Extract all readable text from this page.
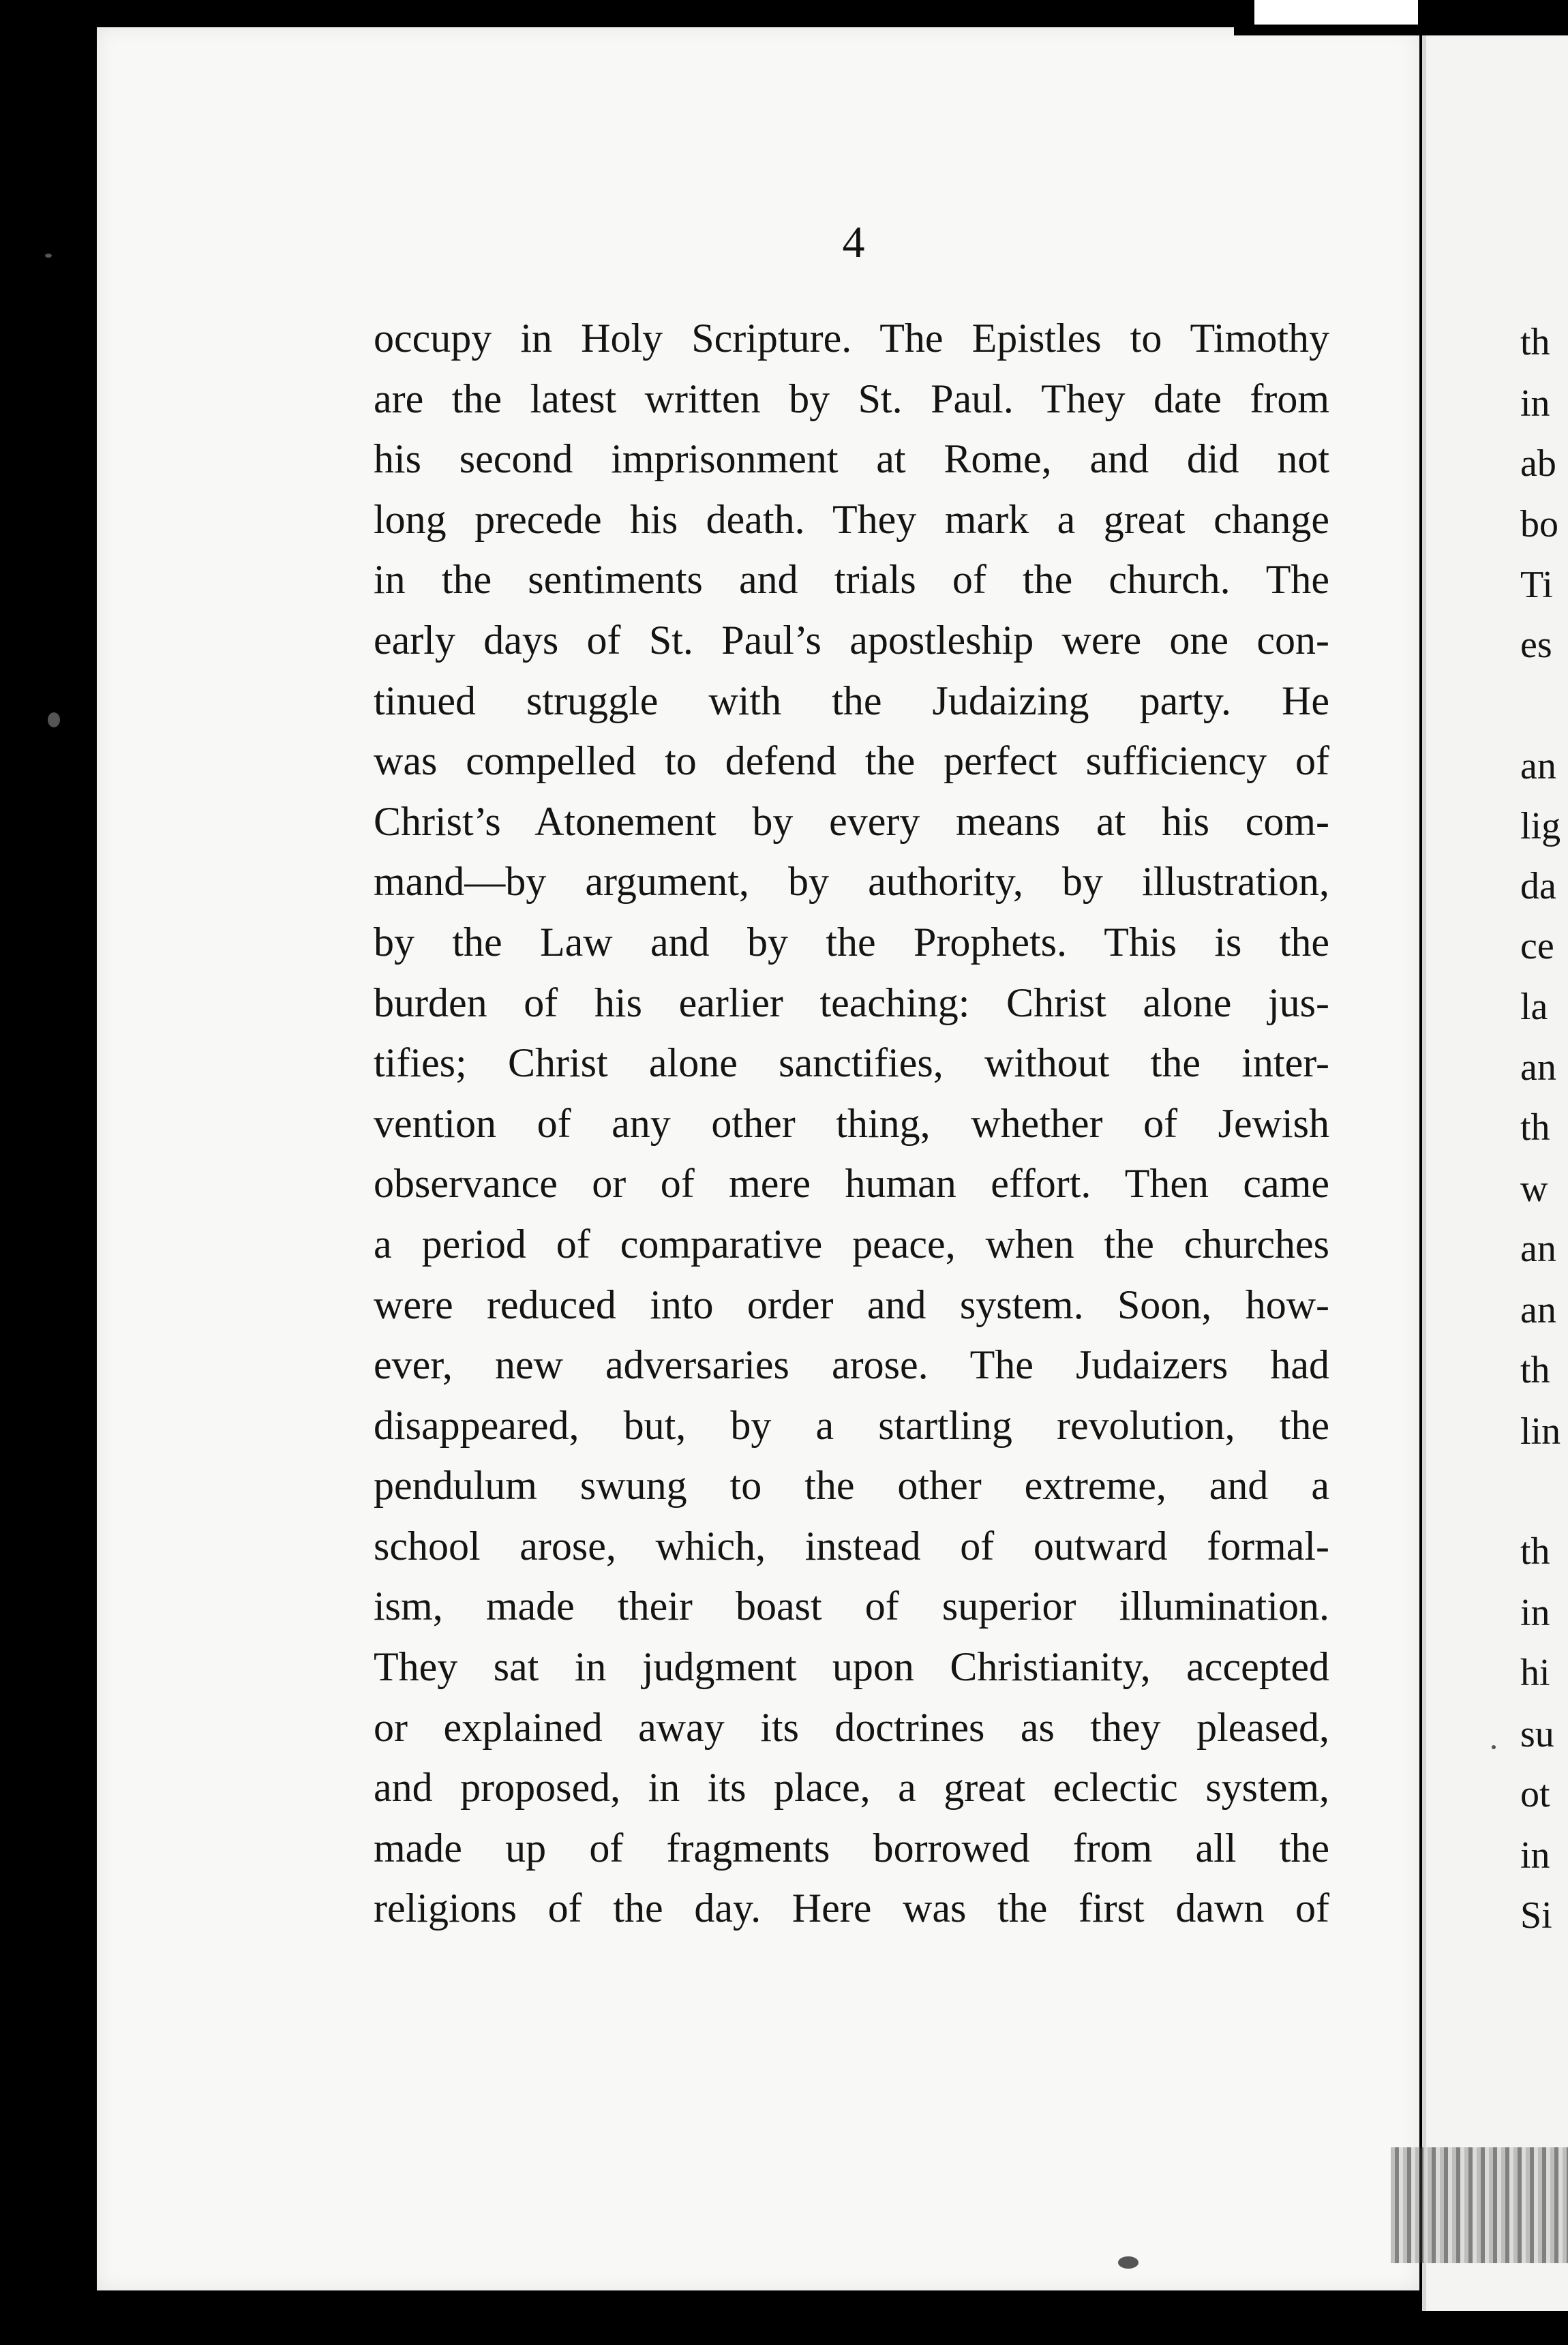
4
occupy in Holy Scripture. The Epistles to Timothy
are the latest written by St. Paul. They date from
his second imprisonment at Rome, and did not
long precede his death. They mark a great change
in the sentiments and trials of the church. The
early days of St. Paul’s apostleship were one con-
tinued struggle with the Judaizing party. He
was compelled to defend the perfect sufficiency of
Christ’s Atonement by every means at his com-
mand—by argument, by authority, by illustration,
by the Law and by the Prophets. This is the
burden of his earlier teaching: Christ alone jus-
tifies; Christ alone sanctifies, without the inter-
vention of any other thing, whether of Jewish
observance or of mere human effort. Then came
a period of comparative peace, when the churches
were reduced into order and system. Soon, how-
ever, new adversaries arose. The Judaizers had
disappeared, but, by a startling revolution, the
pendulum swung to the other extreme, and a
school arose, which, instead of outward formal-
ism, made their boast of superior illumination.
They sat in judgment upon Christianity, accepted
or explained away its doctrines as they pleased,
and proposed, in its place, a great eclectic system,
made up of fragments borrowed from all the
religions of the day. Here was the first dawn of
th
in
ab
bo
Ti
es
an
lig
da
ce
la
an
th
w
an
an
th
lin
th
in
hi
su
ot
in
Si
